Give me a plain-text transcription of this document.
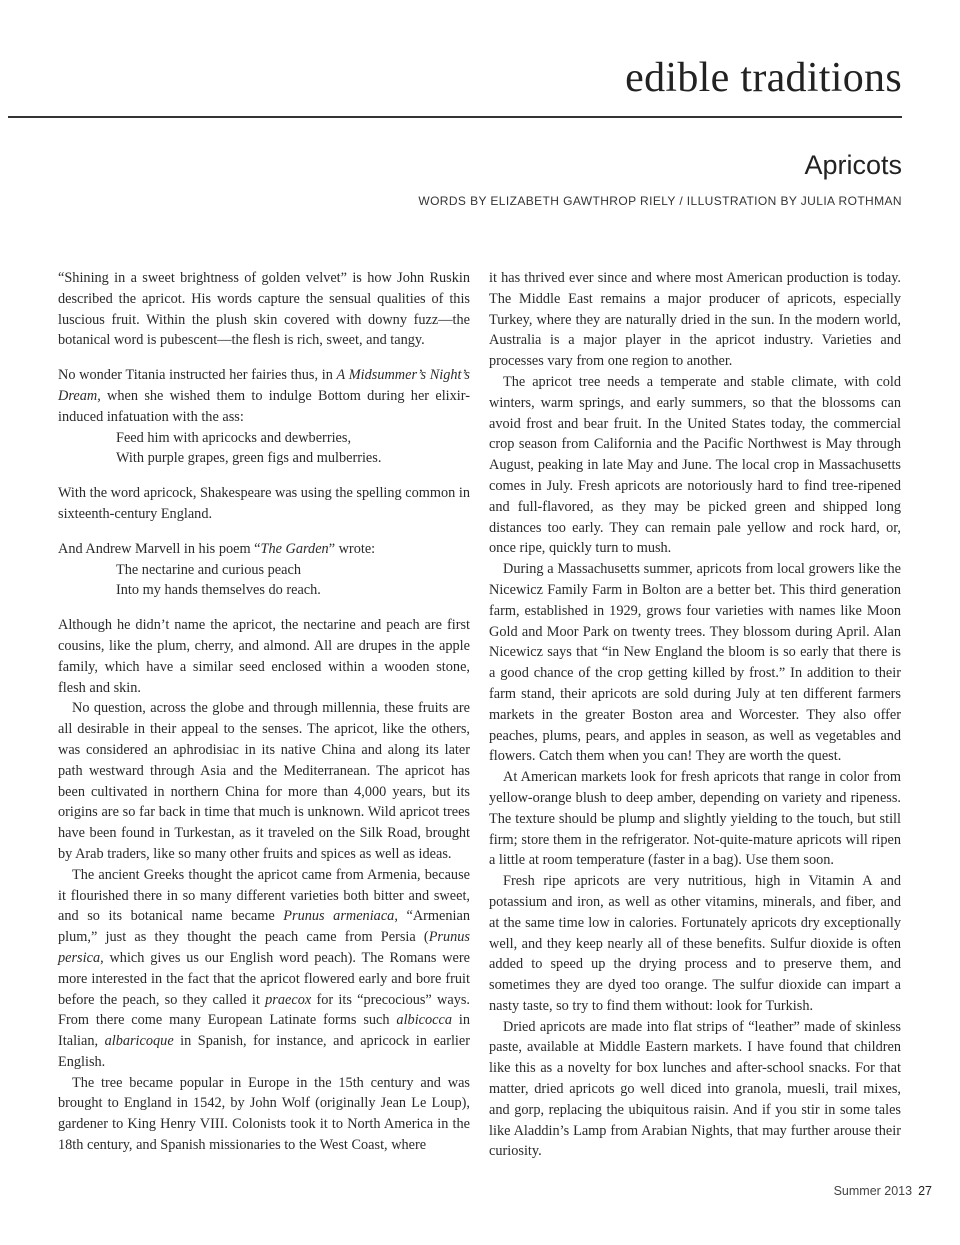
edible traditions
Apricots
WORDS BY ELIZABETH GAWTHROP RIELY / ILLUSTRATION BY JULIA ROTHMAN

“Shining in a sweet brightness of golden velvet” is how John Ruskin described the apricot. His words capture the sensual qualities of this luscious fruit. Within the plush skin covered with downy fuzz—the botanical word is pubescent—the flesh is rich, sweet, and tangy.

No wonder Titania instructed her fairies thus, in A Midsummer’s Night’s Dream, when she wished them to indulge Bottom during her elixir-induced infatuation with the ass:

Feed him with apricocks and dewberries,
With purple grapes, green figs and mulberries.

With the word apricock, Shakespeare was using the spelling common in sixteenth-century England.

And Andrew Marvell in his poem “The Garden” wrote:

The nectarine and curious peach
Into my hands themselves do reach.

Although he didn’t name the apricot, the nectarine and peach are first cousins, like the plum, cherry, and almond. All are drupes in the apple family, which have a similar seed enclosed within a wooden stone, flesh and skin.

No question, across the globe and through millennia, these fruits are all desirable in their appeal to the senses. The apricot, like the others, was considered an aphrodisiac in its native China and along its later path westward through Asia and the Mediterranean. The apricot has been cultivated in northern China for more than 4,000 years, but its origins are so far back in time that much is unknown. Wild apricot trees have been found in Turkestan, as it traveled on the Silk Road, brought by Arab traders, like so many other fruits and spices as well as ideas.

The ancient Greeks thought the apricot came from Armenia, because it flourished there in so many different varieties both bitter and sweet, and so its botanical name became Prunus armeniaca, “Armenian plum,” just as they thought the peach came from Persia (Prunus persica, which gives us our English word peach). The Romans were more interested in the fact that the apricot flowered early and bore fruit before the peach, so they called it praecox for its “precocious” ways. From there come many European Latinate forms such albicocca in Italian, albaricoque in Spanish, for instance, and apricock in earlier English.

The tree became popular in Europe in the 15th century and was brought to England in 1542, by John Wolf (originally Jean Le Loup), gardener to King Henry VIII. Colonists took it to North America in the 18th century, and Spanish missionaries to the West Coast, where

it has thrived ever since and where most American production is today. The Middle East remains a major producer of apricots, especially Turkey, where they are naturally dried in the sun. In the modern world, Australia is a major player in the apricot industry. Varieties and processes vary from one region to another.

The apricot tree needs a temperate and stable climate, with cold winters, warm springs, and early summers, so that the blossoms can avoid frost and bear fruit. In the United States today, the commercial crop season from California and the Pacific Northwest is May through August, peaking in late May and June. The local crop in Massachusetts comes in July. Fresh apricots are notoriously hard to find tree-ripened and full-flavored, as they may be picked green and shipped long distances too early. They can remain pale yellow and rock hard, or, once ripe, quickly turn to mush.

During a Massachusetts summer, apricots from local growers like the Nicewicz Family Farm in Bolton are a better bet. This third generation farm, established in 1929, grows four varieties with names like Moon Gold and Moor Park on twenty trees. They blossom during April. Alan Nicewicz says that “in New England the bloom is so early that there is a good chance of the crop getting killed by frost.” In addition to their farm stand, their apricots are sold during July at ten different farmers markets in the greater Boston area and Worcester. They also offer peaches, plums, pears, and apples in season, as well as vegetables and flowers. Catch them when you can! They are worth the quest.

At American markets look for fresh apricots that range in color from yellow-orange blush to deep amber, depending on variety and ripeness. The texture should be plump and slightly yielding to the touch, but still firm; store them in the refrigerator. Not-quite-mature apricots will ripen a little at room temperature (faster in a bag). Use them soon.

Fresh ripe apricots are very nutritious, high in Vitamin A and potassium and iron, as well as other vitamins, minerals, and fiber, and at the same time low in calories. Fortunately apricots dry exceptionally well, and they keep nearly all of these benefits. Sulfur dioxide is often added to speed up the drying process and to preserve them, and sometimes they are dyed too orange. The sulfur dioxide can impart a nasty taste, so try to find them without: look for Turkish.

Dried apricots are made into flat strips of “leather” made of skinless paste, available at Middle Eastern markets. I have found that children like this as a novelty for box lunches and after-school snacks. For that matter, dried apricots go well diced into granola, muesli, trail mixes, and gorp, replacing the ubiquitous raisin. And if you stir in some tales like Aladdin’s Lamp from Arabian Nights, that may further arouse their curiosity.

Summer 2013 27
